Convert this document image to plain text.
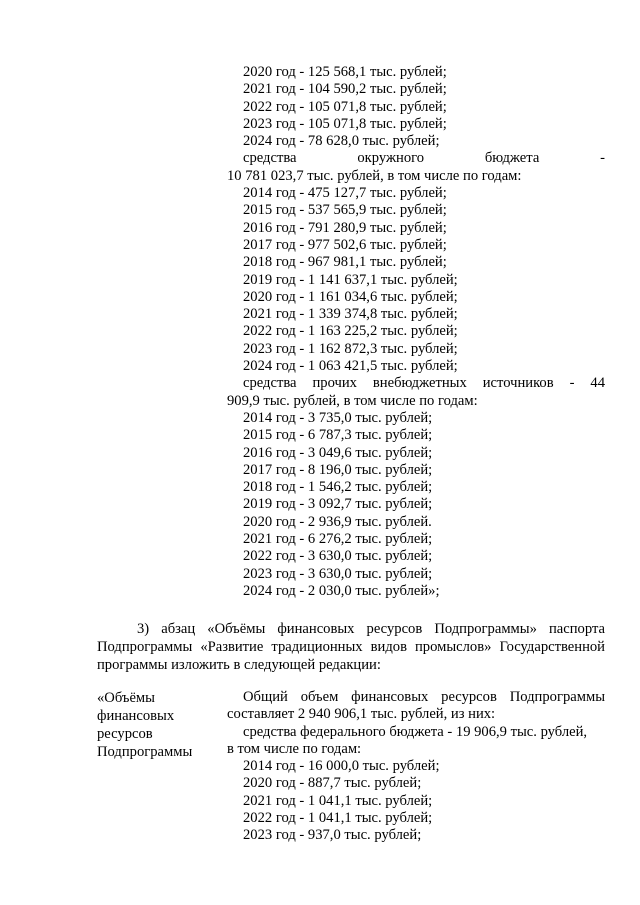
2020 год - 125 568,1 тыс. рублей;
2021 год - 104 590,2 тыс. рублей;
2022 год - 105 071,8 тыс. рублей;
2023 год - 105 071,8 тыс. рублей;
2024 год - 78 628,0 тыс. рублей;
средства окружного бюджета -
10 781 023,7 тыс. рублей, в том числе по годам:
2014 год - 475 127,7 тыс. рублей;
2015 год - 537 565,9 тыс. рублей;
2016 год - 791 280,9 тыс. рублей;
2017 год - 977 502,6 тыс. рублей;
2018 год - 967 981,1 тыс. рублей;
2019 год - 1 141 637,1 тыс. рублей;
2020 год - 1 161 034,6 тыс. рублей;
2021 год - 1 339 374,8 тыс. рублей;
2022 год - 1 163 225,2 тыс. рублей;
2023 год - 1 162 872,3 тыс. рублей;
2024 год - 1 063 421,5 тыс. рублей;
средства прочих внебюджетных источников - 44
909,9 тыс. рублей, в том числе по годам:
2014 год - 3 735,0 тыс. рублей;
2015 год - 6 787,3 тыс. рублей;
2016 год - 3 049,6 тыс. рублей;
2017 год - 8 196,0 тыс. рублей;
2018 год - 1 546,2 тыс. рублей;
2019 год - 3 092,7 тыс. рублей;
2020 год - 2 936,9 тыс. рублей.
2021 год - 6 276,2 тыс. рублей;
2022 год - 3 630,0 тыс. рублей;
2023 год - 3 630,0 тыс. рублей;
2024 год - 2 030,0 тыс. рублей»;
3) абзац «Объёмы финансовых ресурсов Подпрограммы» паспорта
Подпрограммы «Развитие традиционных видов промыслов» Государственной
программы изложить в следующей редакции:
«Объёмы
финансовых
ресурсов
Подпрограммы
Общий объем финансовых ресурсов Подпрограммы
составляет 2 940 906,1 тыс. рублей, из них:
средства федерального бюджета - 19 906,9 тыс. рублей,
в том числе по годам:
2014 год - 16 000,0 тыс. рублей;
2020 год - 887,7 тыс. рублей;
2021 год - 1 041,1 тыс. рублей;
2022 год - 1 041,1 тыс. рублей;
2023 год - 937,0 тыс. рублей;
